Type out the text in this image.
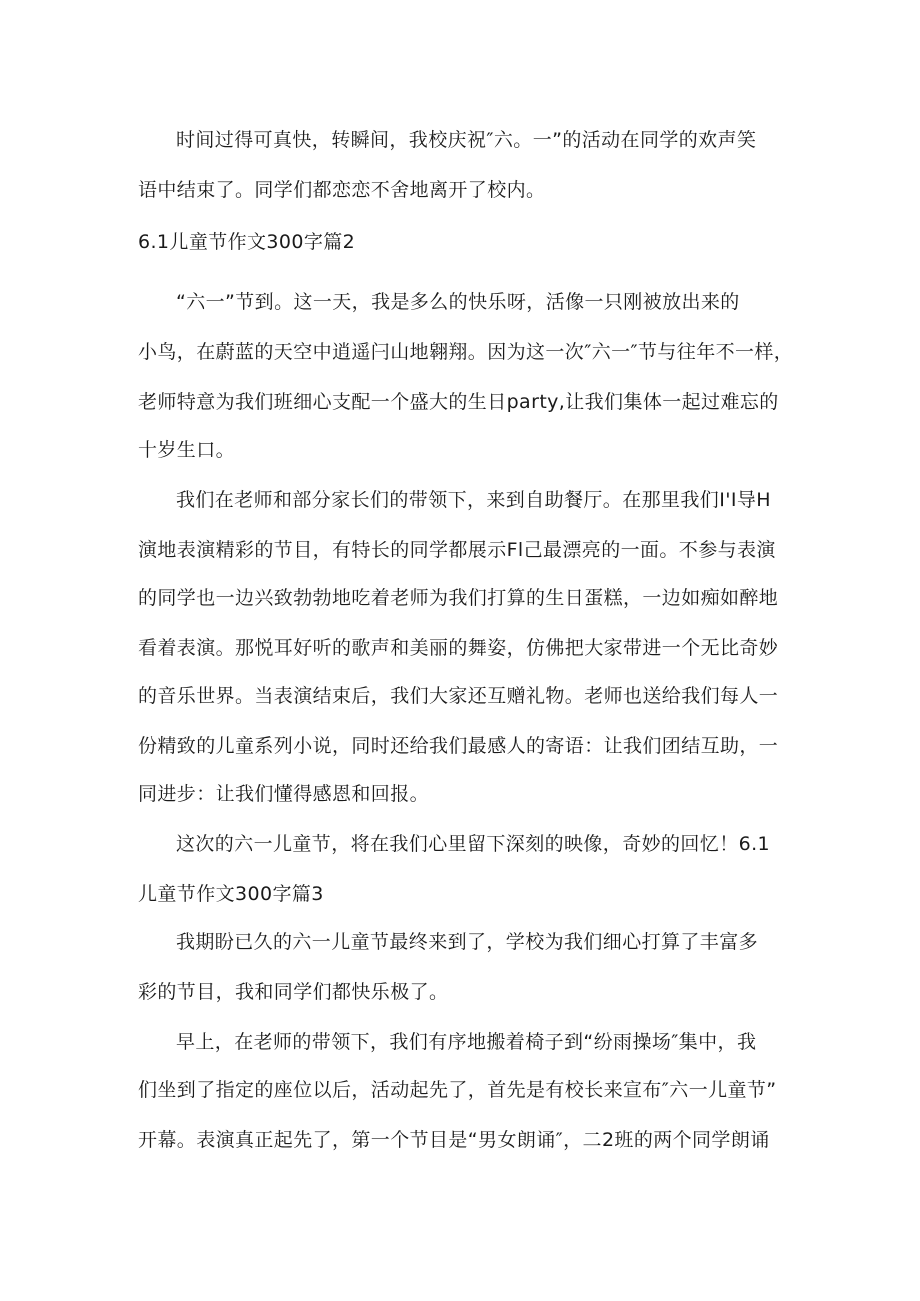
时间过得可真快，转瞬间，我校庆祝″六。一”的活动在同学的欢声笑
语中结束了。同学们都恋恋不舍地离开了校内。
6.1儿童节作文300字篇2
“六一”节到。这一天，我是多么的快乐呀，活像一只刚被放出来的
小鸟，在蔚蓝的天空中逍遥闩山地翱翔。因为这一次″六一″节与往年不一样，
老师特意为我们班细心支配一个盛大的生日party,让我们集体一起过难忘的
十岁生口。
我们在老师和部分家长们的带领下，来到自助餐厅。在那里我们Ι'I导H
演地表演精彩的节目，有特长的同学都展示Fl己最漂亮的一面。不参与表演
的同学也一边兴致勃勃地吃着老师为我们打算的生日蛋糕，一边如痴如醉地
看着表演。那悦耳好听的歌声和美丽的舞姿，仿佛把大家带进一个无比奇妙
的音乐世界。当表演结束后，我们大家还互赠礼物。老师也送给我们每人一
份精致的儿童系列小说，同时还给我们最感人的寄语：让我们团结互助，一
同进步：让我们懂得感恩和回报。
这次的六一儿童节，将在我们心里留下深刻的映像，奇妙的回忆！6.1
儿童节作文300字篇3
我期盼已久的六一儿童节最终来到了，学校为我们细心打算了丰富多
彩的节目，我和同学们都快乐极了。
早上，在老师的带领下，我们有序地搬着椅子到“纷雨操场″集中，我
们坐到了指定的座位以后，活动起先了，首先是有校长来宣布″六一儿童节”
开幕。表演真正起先了，第一个节目是“男女朗诵″，二2班的两个同学朗诵
